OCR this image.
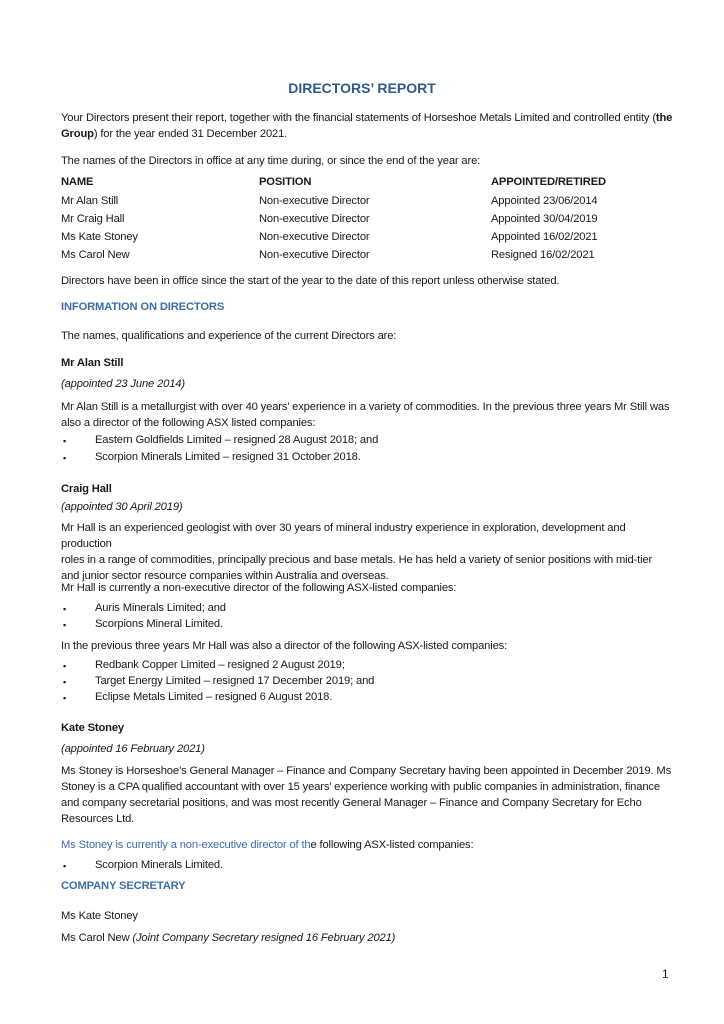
DIRECTORS’ REPORT
Your Directors present their report, together with the financial statements of Horseshoe Metals Limited and controlled entity (the
Group) for the year ended 31 December 2021.
The names of the Directors in office at any time during, or since the end of the year are:
NAME	POSITION	APPOINTED/RETIRED
Mr Alan Still	Non-executive Director	Appointed 23/06/2014
Mr Craig Hall	Non-executive Director	Appointed 30/04/2019
Ms Kate Stoney	Non-executive Director	Appointed 16/02/2021
Ms Carol New	Non-executive Director	Resigned 16/02/2021
Directors have been in office since the start of the year to the date of this report unless otherwise stated.
INFORMATION ON DIRECTORS
The names, qualifications and experience of the current Directors are:
Mr Alan Still
(appointed 23 June 2014)
Mr Alan Still is a metallurgist with over 40 years’ experience in a variety of commodities. In the previous three years Mr Still was
also a director of the following ASX listed companies:
▪	Eastern Goldfields Limited – resigned 28 August 2018; and
▪	Scorpion Minerals Limited – resigned 31 October 2018.
Craig Hall
(appointed 30 April 2019)
Mr Hall is an experienced geologist with over 30 years of mineral industry experience in exploration, development and production
roles in a range of commodities, principally precious and base metals. He has held a variety of senior positions with mid-tier
and junior sector resource companies within Australia and overseas.
Mr Hall is currently a non-executive director of the following ASX-listed companies:
▪	Auris Minerals Limited; and
▪	Scorpions Mineral Limited.
In the previous three years Mr Hall was also a director of the following ASX-listed companies:
▪	Redbank Copper Limited – resigned 2 August 2019;
▪	Target Energy Limited – resigned 17 December 2019; and
▪	Eclipse Metals Limited – resigned 6 August 2018.
Kate Stoney
(appointed 16 February 2021)
Ms Stoney is Horseshoe’s General Manager – Finance and Company Secretary having been appointed in December 2019. Ms
Stoney is a CPA qualified accountant with over 15 years’ experience working with public companies in administration, finance
and company secretarial positions, and was most recently General Manager – Finance and Company Secretary for Echo
Resources Ltd.
Ms Stoney is currently a non-executive director of the following ASX-listed companies:
▪	Scorpion Minerals Limited.
COMPANY SECRETARY
Ms Kate Stoney
Ms Carol New (Joint Company Secretary resigned 16 February 2021)
1
